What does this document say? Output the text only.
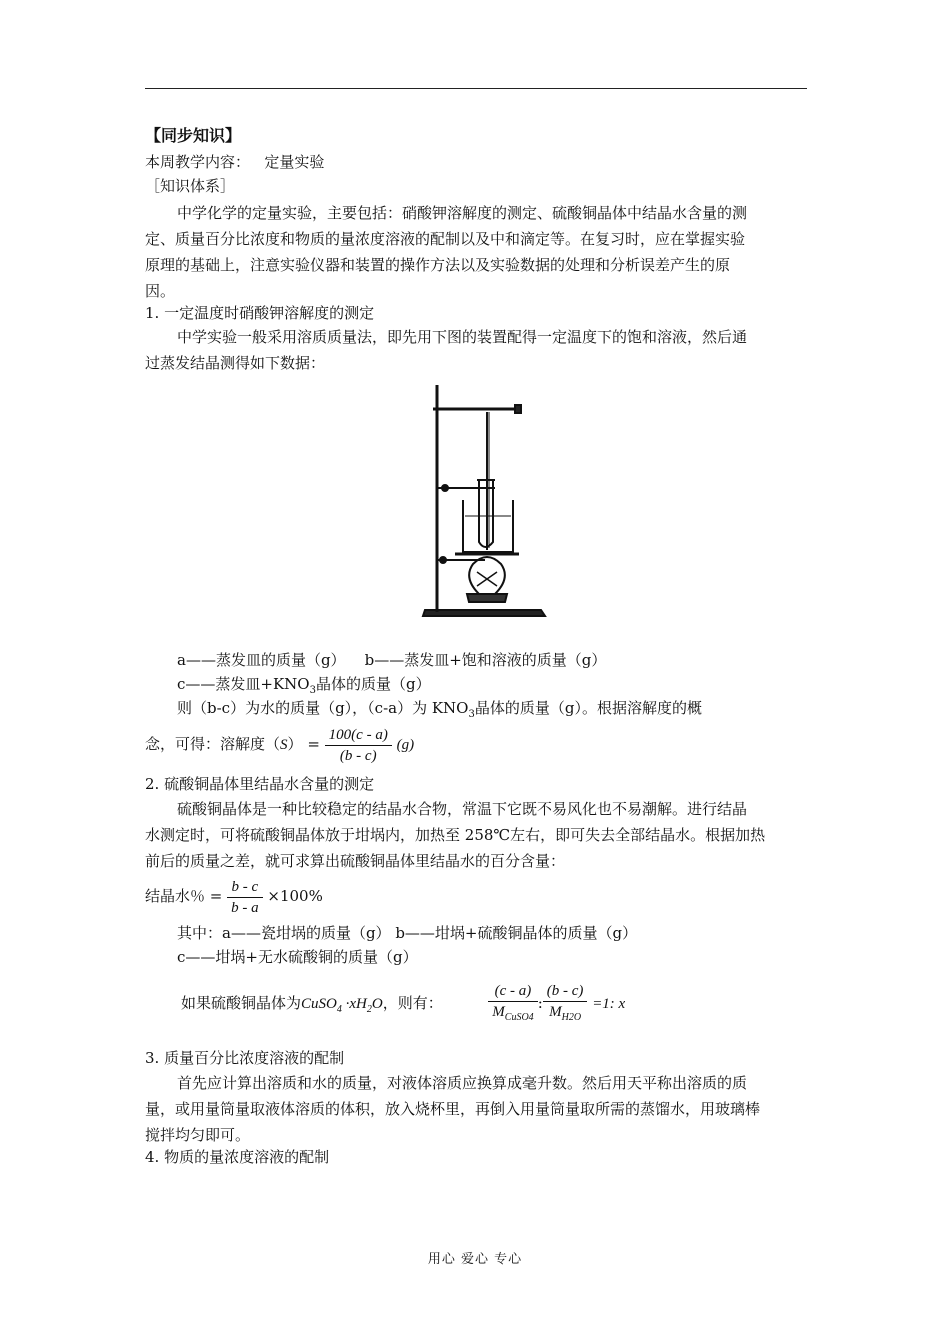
【同步知识】
本周教学内容： 定量实验
［知识体系］
中学化学的定量实验，主要包括：硝酸钾溶解度的测定、硫酸铜晶体中结晶水含量的测
定、质量百分比浓度和物质的量浓度溶液的配制以及中和滴定等。在复习时，应在掌握实验
原理的基础上，注意实验仪器和装置的操作方法以及实验数据的处理和分析误差产生的原
因。
1. 一定温度时硝酸钾溶解度的测定
中学实验一般采用溶质质量法，即先用下图的装置配得一定温度下的饱和溶液，然后通
过蒸发结晶测得如下数据：
a——蒸发皿的质量（g） b——蒸发皿+饱和溶液的质量（g）
c——蒸发皿$+KNO_3$晶体的质量（g）
则（b-c）为水的质量（g），（c-a）为 $KNO_3$晶体的质量（g）。根据溶解度的概
念，可得：溶解度$(S) = \frac{100(c - a)}{(b - c)} (g)$
2. 硫酸铜晶体里结晶水含量的测定
硫酸铜晶体是一种比较稳定的结晶水合物，常温下它既不易风化也不易潮解。进行结晶
水测定时，可将硫酸铜晶体放于坩埚内，加热至 258℃左右，即可失去全部结晶水。根据加热
前后的质量之差，就可求算出硫酸铜晶体里结晶水的百分含量：
结晶水％ = $\frac{b - c}{b - a} \times 100\%$
其中：a——瓷坩埚的质量（g） b——坩埚+硫酸铜晶体的质量（g）
c——坩埚+无水硫酸铜的质量（g）
如果硫酸铜晶体为CuSO$_4$ $\cdot xH_2O$，则有：	$\frac{(c - a)}{M_{CuSO4}}$ : $\frac{(b - c)}{M_{H2O}} =1$: x
3. 质量百分比浓度溶液的配制
首先应计算出溶质和水的质量，对液体溶质应换算成毫升数。然后用天平称出溶质的质
量，或用量筒量取液体溶质的体积，放入烧杯里，再倒入用量筒量取所需的蒸馏水，用玻璃棒
搅拌均匀即可。
4. 物质的量浓度溶液的配制
用心 爱心 专心
